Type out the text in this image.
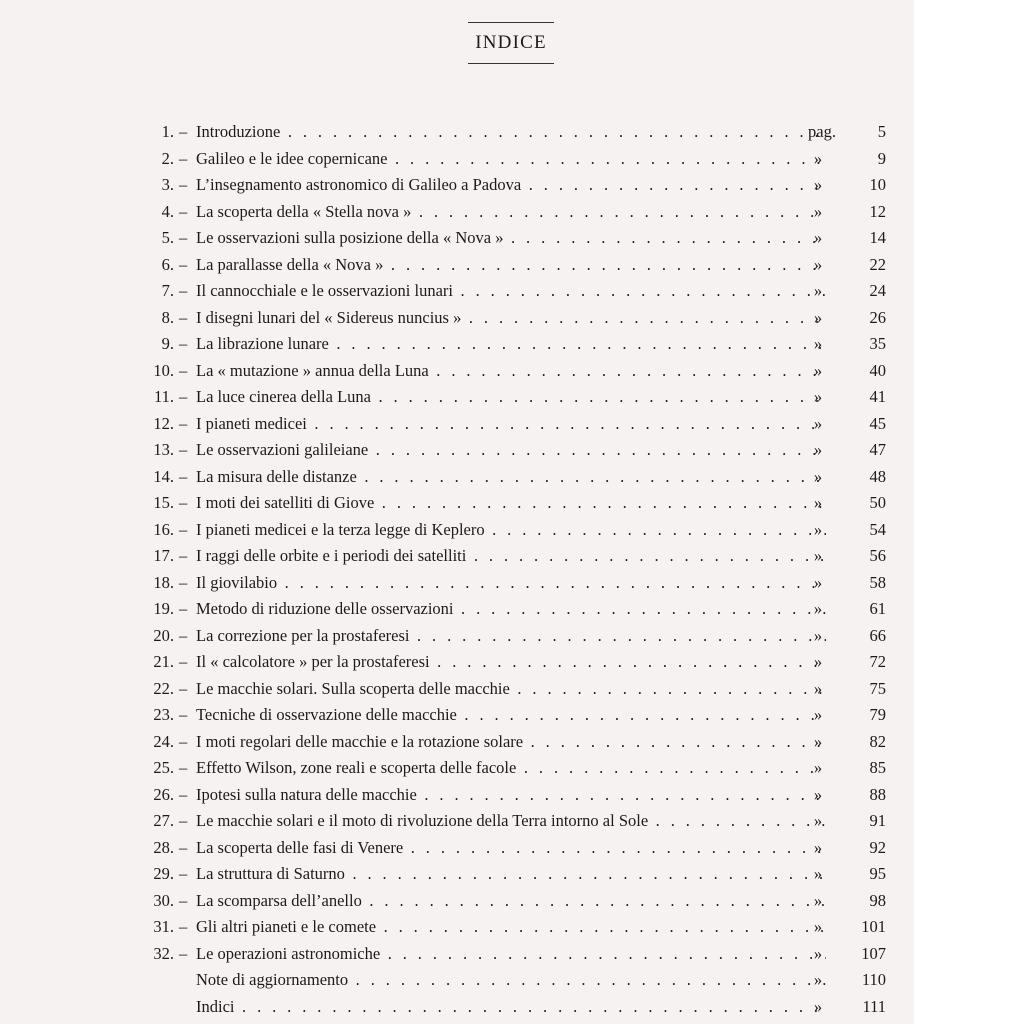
INDICE
1. – Introduzione . . .	pag.	5
2. – Galileo e le idee copernicane . . .	»	9
3. – L’insegnamento astronomico di Galileo a Padova . . .	»	10
4. – La scoperta della « Stella nova » . . .	»	12
5. – Le osservazioni sulla posizione della « Nova » . . .	»	14
6. – La parallasse della « Nova » . . .	»	22
7. – Il cannocchiale e le osservazioni lunari . . .	»	24
8. – I disegni lunari del « Sidereus nuncius » . . .	»	26
9. – La librazione lunare . . .	»	35
10. – La « mutazione » annua della Luna . . .	»	40
11. – La luce cinerea della Luna . . .	»	41
12. – I pianeti medicei . . .	»	45
13. – Le osservazioni galileiane . . .	»	47
14. – La misura delle distanze . . .	»	48
15. – I moti dei satelliti di Giove . . .	»	50
16. – I pianeti medicei e la terza legge di Keplero . . .	»	54
17. – I raggi delle orbite e i periodi dei satelliti . . .	»	56
18. – Il giovilabio . . .	»	58
19. – Metodo di riduzione delle osservazioni . . .	»	61
20. – La correzione per la prostaferesi . . .	»	66
21. – Il « calcolatore » per la prostaferesi . . .	»	72
22. – Le macchie solari. Sulla scoperta delle macchie . . .	»	75
23. – Tecniche di osservazione delle macchie . . .	»	79
24. – I moti regolari delle macchie e la rotazione solare . . .	»	82
25. – Effetto Wilson, zone reali e scoperta delle facole . . .	»	85
26. – Ipotesi sulla natura delle macchie . . .	»	88
27. – Le macchie solari e il moto di rivoluzione della Terra intorno al Sole . . .	»	91
28. – La scoperta delle fasi di Venere . . .	»	92
29. – La struttura di Saturno . . .	»	95
30. – La scomparsa dell’anello . . .	»	98
31. – Gli altri pianeti e le comete . . .	»	101
32. – Le operazioni astronomiche . . .	»	107
Note di aggiornamento . . .	»	110
Indici . . .	»	111
